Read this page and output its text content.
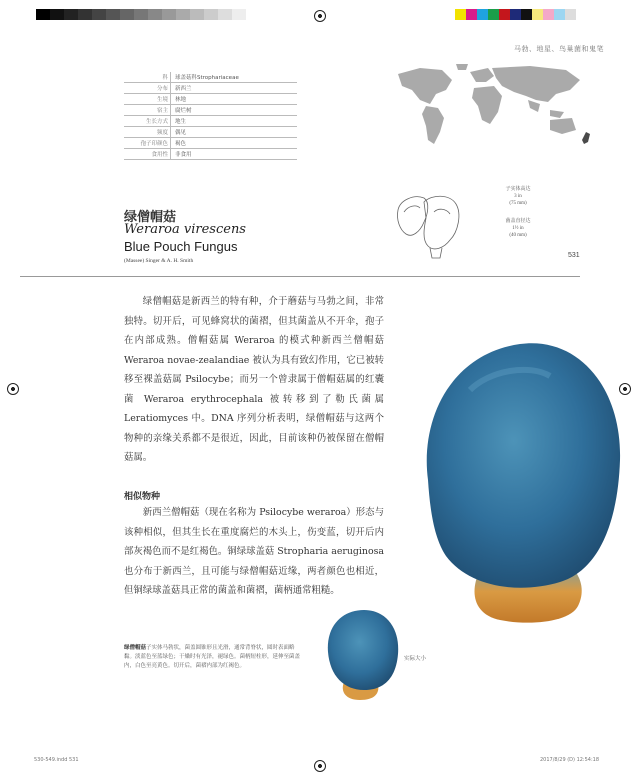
马勃、地星、鸟巢菌和鬼笔
科	球盖菇科Strophariaceae
分布	新西兰
生境	林地
宿主	腐烂树
生长方式	地生
频度	偶见
孢子印颜色	褐色
食用性	非食用
绿僧帽菇
Weraroa virescens
Blue Pouch Fungus
(Massee) Singer & A. H. Smith
子实体高达
3 in
(75 mm)
菌盖直径达
1½ in
(40 mm)
531

绿僧帽菇是新西兰的特有种，介于蘑菇与马勃之间，非常独特。切开后，可见蜂窝状的菌褶，但其菌盖从不开伞，孢子在内部成熟。僧帽菇属 Weraroa 的模式种新西兰僧帽菇 Weraroa novae-zealandiae 被认为具有致幻作用，它已被转移至裸盖菇属 Psilocybe；而另一个曾隶属于僧帽菇属的红囊菌 Weraroa erythrocephala 被转移到了勒氏菌属 Leratiomyces 中。DNA 序列分析表明，绿僧帽菇与这两个物种的亲缘关系都不是很近，因此，目前该种仍被保留在僧帽菇属。

相似物种

新西兰僧帽菇（现在名称为 Psilocybe weraroa）形态与该种相似，但其生长在重度腐烂的木头上，伤变蓝，切开后内部灰褐色而不是红褐色。铜绿球盖菇 Stropharia aeruginosa 也分布于新西兰，且可能与绿僧帽菇近缘，两者颜色也相近，但铜绿球盖菇具正常的菌盖和菌褶，菌柄通常粗糙。

绿僧帽菇子实体马勃状，菌盖圆锥形且光滑，通常背脊状，圆时表面略黏。淡蓝色至蓝绿色；干燥时有光泽，褪绿色。菌柄短柱形，延伸至菌盖内，白色至亮黄色。切开后，菌褶内部为红褐色。
实际大小
530-549.indd 531	2017/8/29 (D) 12:54:18
